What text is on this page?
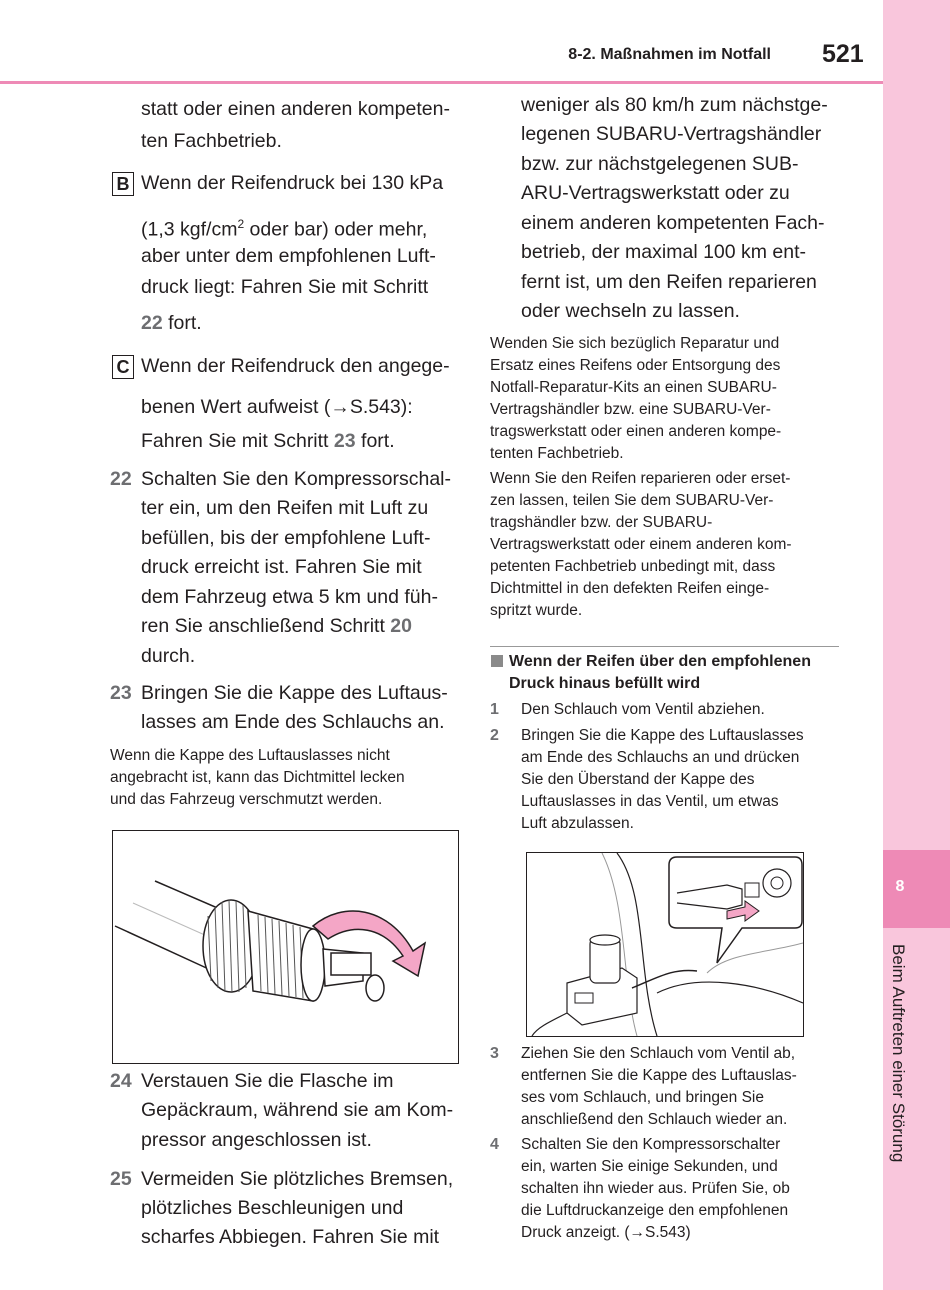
8
Beim Auftreten einer Störung
8-2. Maßnahmen im Notfall 521
statt oder einen anderen kompeten-
ten Fachbetrieb.
B Wenn der Reifendruck bei 130 kPa
(1,3 kgf/$cm^2$ oder bar) oder mehr,
aber unter dem empfohlenen Luft-
druck liegt: Fahren Sie mit Schritt
22 fort.
C Wenn der Reifendruck den angege-
benen Wert aufweist (→S.543):
Fahren Sie mit Schritt 23 fort.
22 Schalten Sie den Kompressorschal-
ter ein, um den Reifen mit Luft zu
befüllen, bis der empfohlene Luft-
druck erreicht ist. Fahren Sie mit
dem Fahrzeug etwa 5 km und füh-
ren Sie anschließend Schritt 20
durch.
23 Bringen Sie die Kappe des Luftaus-
lasses am Ende des Schlauchs an.
Wenn die Kappe des Luftauslasses nicht
angebracht ist, kann das Dichtmittel lecken
und das Fahrzeug verschmutzt werden.
24 Verstauen Sie die Flasche im
Gepäckraum, während sie am Kom-
pressor angeschlossen ist.
25 Vermeiden Sie plötzliches Bremsen,
plötzliches Beschleunigen und
scharfes Abbiegen. Fahren Sie mit
weniger als 80 km/h zum nächstge-
legenen SUBARU-Vertragshändler
bzw. zur nächstgelegenen SUB-
ARU-Vertragswerkstatt oder zu
einem anderen kompetenten Fach-
betrieb, der maximal 100 km ent-
fernt ist, um den Reifen reparieren
oder wechseln zu lassen.
Wenden Sie sich bezüglich Reparatur und
Ersatz eines Reifens oder Entsorgung des
Notfall-Reparatur-Kits an einen SUBARU-
Vertragshändler bzw. eine SUBARU-Ver-
tragswerkstatt oder einen anderen kompe-
tenten Fachbetrieb.
Wenn Sie den Reifen reparieren oder erset-
zen lassen, teilen Sie dem SUBARU-Ver-
tragshändler bzw. der SUBARU-
Vertragswerkstatt oder einem anderen kom-
petenten Fachbetrieb unbedingt mit, dass
Dichtmittel in den defekten Reifen einge-
spritzt wurde.
Wenn der Reifen über den empfohlenen
Druck hinaus befüllt wird
1 Den Schlauch vom Ventil abziehen.
2 Bringen Sie die Kappe des Luftauslasses
am Ende des Schlauchs an und drücken
Sie den Überstand der Kappe des
Luftauslasses in das Ventil, um etwas
Luft abzulassen.
3 Ziehen Sie den Schlauch vom Ventil ab,
entfernen Sie die Kappe des Luftauslas-
ses vom Schlauch, und bringen Sie
anschließend den Schlauch wieder an.
4 Schalten Sie den Kompressorschalter
ein, warten Sie einige Sekunden, und
schalten ihn wieder aus. Prüfen Sie, ob
die Luftdruckanzeige den empfohlenen
Druck anzeigt. (→S.543)
